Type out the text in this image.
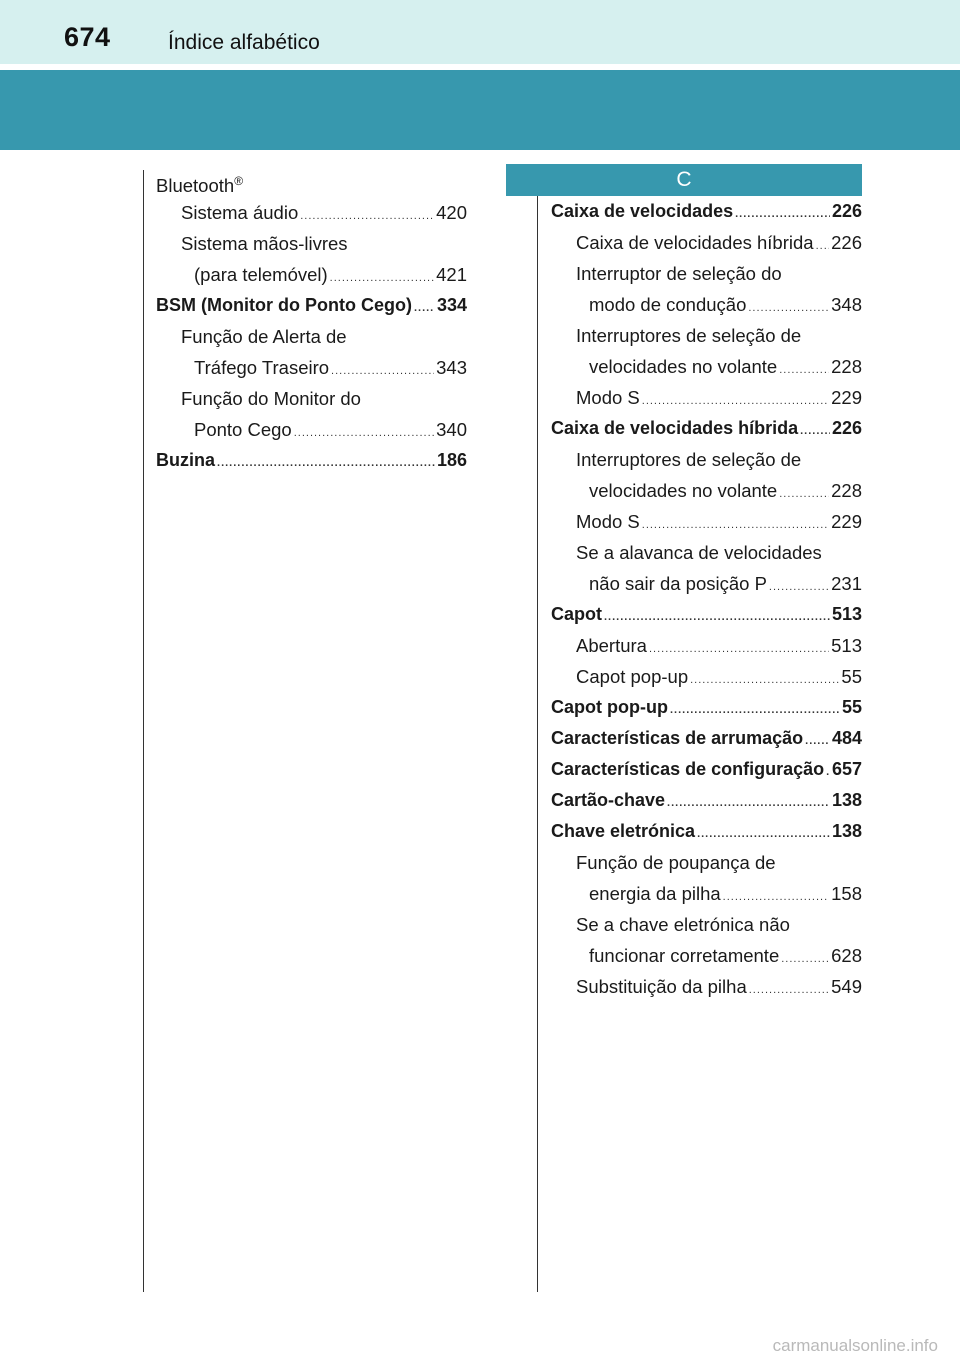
674	Índice alfabético
Bluetooth®
Sistema áudio .....	420
Sistema mãos-livres
(para telemóvel) .....	421
BSM (Monitor do Ponto Cego) ..... 334
Função de Alerta de
Tráfego Traseiro .....	343
Função do Monitor do
Ponto Cego .....	340
Buzina .....	186
C
Caixa de velocidades .....	226
Caixa de velocidades híbrida ..... 226
Interruptor de seleção do
modo de condução .....	348
Interruptores de seleção de
velocidades no volante .....	228
Modo S .....	229
Caixa de velocidades híbrida ..... 226
Interruptores de seleção de
velocidades no volante .....	228
Modo S .....	229
Se a alavanca de velocidades
não sair da posição P .....	231
Capot .....	513
Abertura .....	513
Capot pop-up .....	55
Capot pop-up .....	55
Características de arrumação ..... 484
Características de configuração ..... 657
Cartão-chave .....	138
Chave eletrónica .....	138
Função de poupança de
energia da pilha .....	158
Se a chave eletrónica não
funcionar corretamente .....	628
Substituição da pilha .....	549
carmanualsonline.info
